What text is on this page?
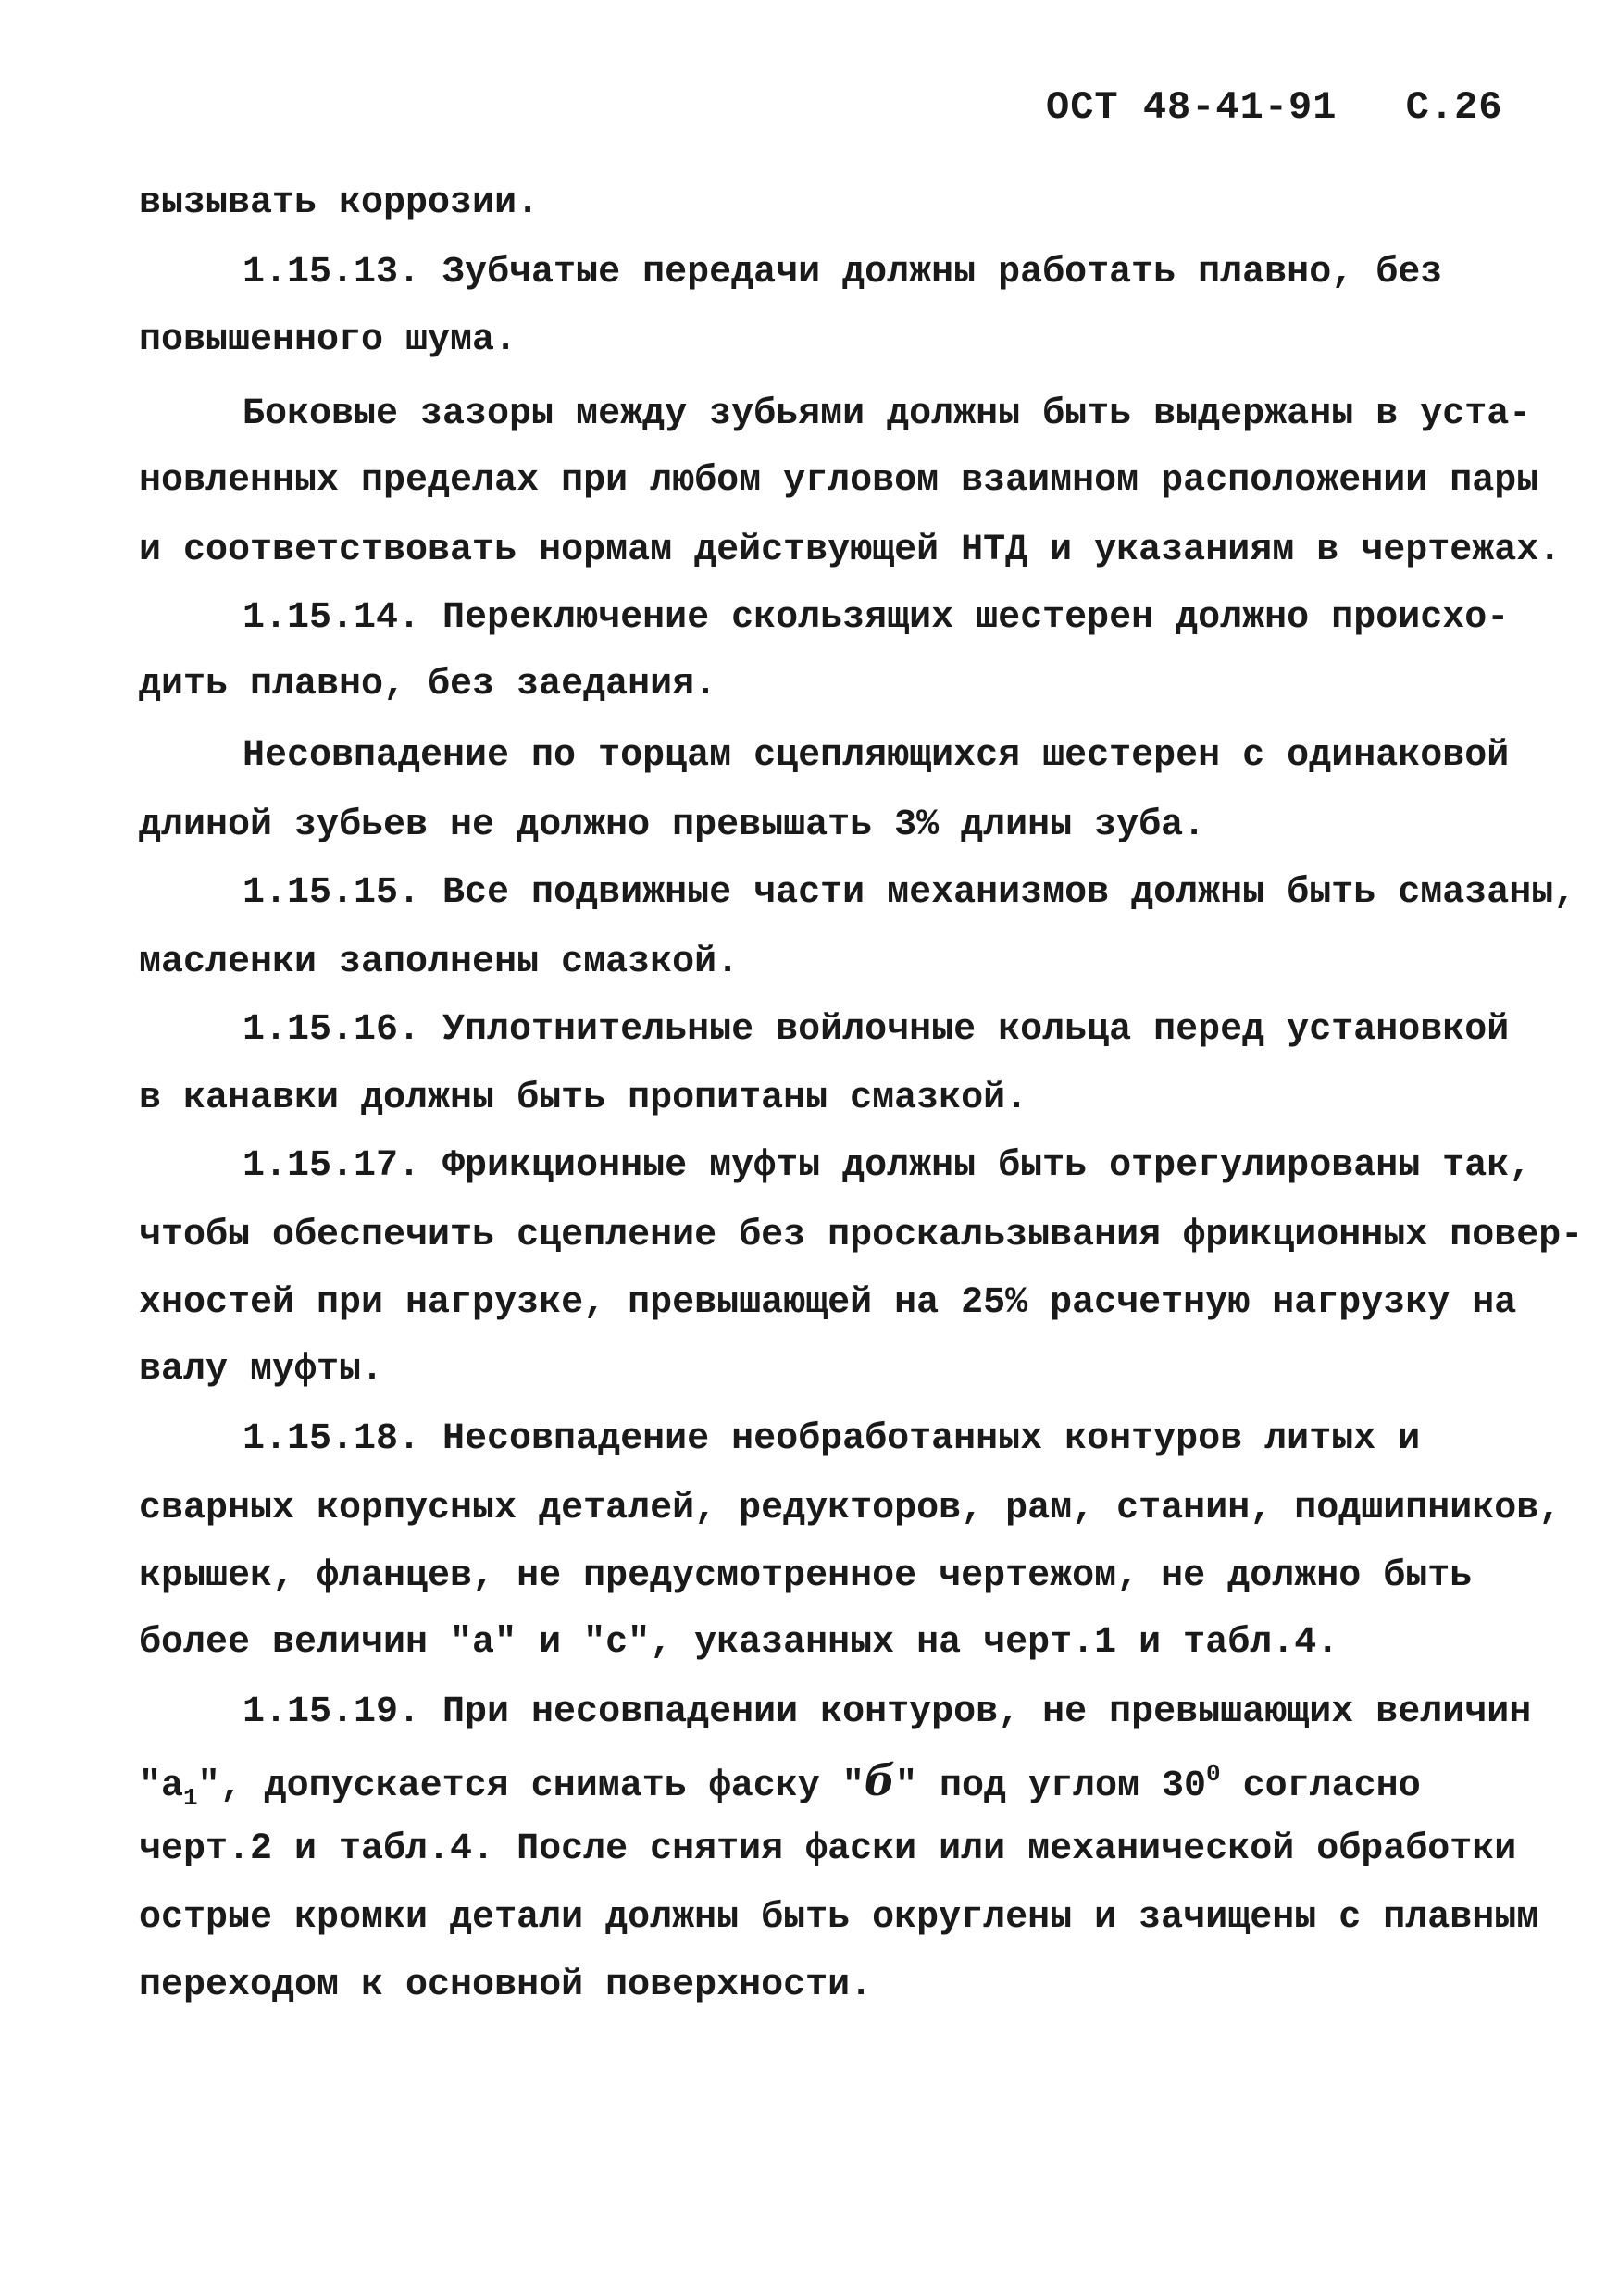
ОСТ 48-41-91 С.26
вызывать коррозии.
1.15.13. Зубчатые передачи должны работать плавно, без
повышенного шума.
Боковые зазоры между зубьями должны быть выдержаны в уста-
новленных пределах при любом угловом взаимном расположении пары
и соответствовать нормам действующей НТД и указаниям в чертежах.
1.15.14. Переключение скользящих шестерен должно происхо-
дить плавно, без заедания.
Несовпадение по торцам сцепляющихся шестерен с одинаковой
длиной зубьев не должно превышать 3% длины зуба.
1.15.15. Все подвижные части механизмов должны быть смазаны,
масленки заполнены смазкой.
1.15.16. Уплотнительные войлочные кольца перед установкой
в канавки должны быть пропитаны смазкой.
1.15.17. Фрикционные муфты должны быть отрегулированы так,
чтобы обеспечить сцепление без проскальзывания фрикционных повер-
хностей при нагрузке, превышающей на 25% расчетную нагрузку на
валу муфты.
1.15.18. Несовпадение необработанных контуров литых и
сварных корпусных деталей, редукторов, рам, станин, подшипников,
крышек, фланцев, не предусмотренное чертежом, не должно быть
более величин "а" и "с", указанных на черт.1 и табл.4.
1.15.19. При несовпадении контуров, не превышающих величин
"$а_1$", допускается снимать фаску "б" под углом $30^0$ согласно
черт.2 и табл.4. После снятия фаски или механической обработки
острые кромки детали должны быть округлены и зачищены с плавным
переходом к основной поверхности.
